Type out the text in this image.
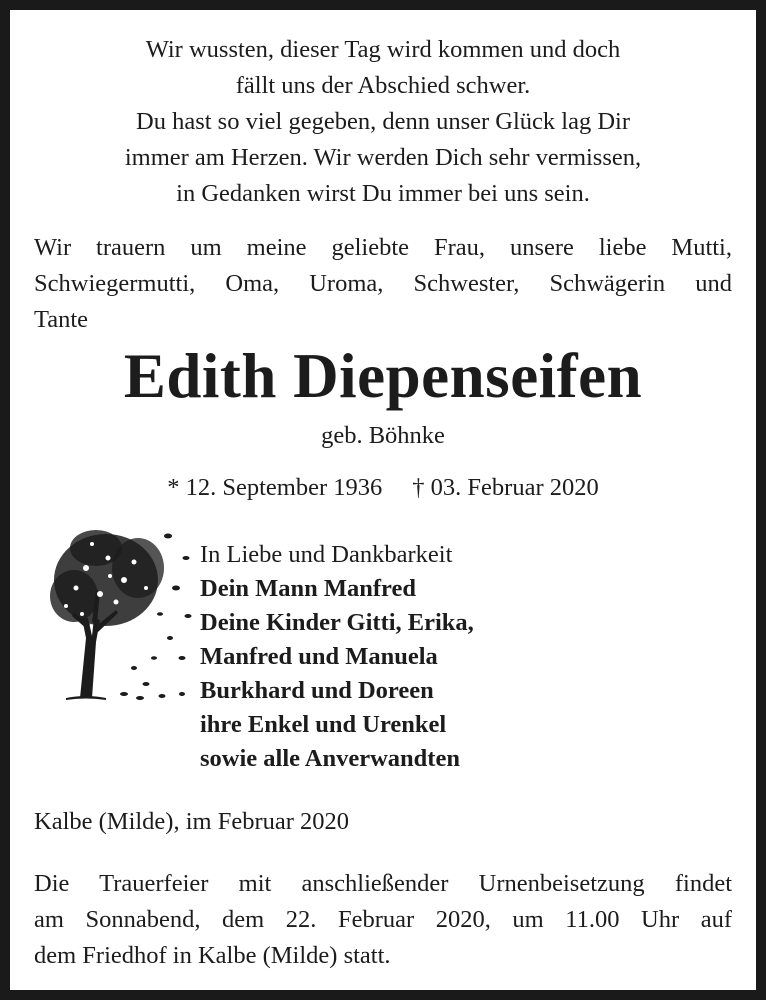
Wir wussten, dieser Tag wird kommen und doch
fällt uns der Abschied schwer.
Du hast so viel gegeben, denn unser Glück lag Dir
immer am Herzen. Wir werden Dich sehr vermissen,
in Gedanken wirst Du immer bei uns sein.
Wir trauern um meine geliebte Frau, unsere liebe Mutti,
Schwiegermutti, Oma, Uroma, Schwester, Schwägerin und
Tante
Edith Diepenseifen
geb. Böhnke
* 12. September 1936 † 03. Februar 2020
In Liebe und Dankbarkeit
Dein Mann Manfred
Deine Kinder Gitti, Erika,
Manfred und Manuela
Burkhard und Doreen
ihre Enkel und Urenkel
sowie alle Anverwandten
Kalbe (Milde), im Februar 2020
Die Trauerfeier mit anschließender Urnenbeisetzung findet
am Sonnabend, dem 22. Februar 2020, um 11.00 Uhr auf
dem Friedhof in Kalbe (Milde) statt.
